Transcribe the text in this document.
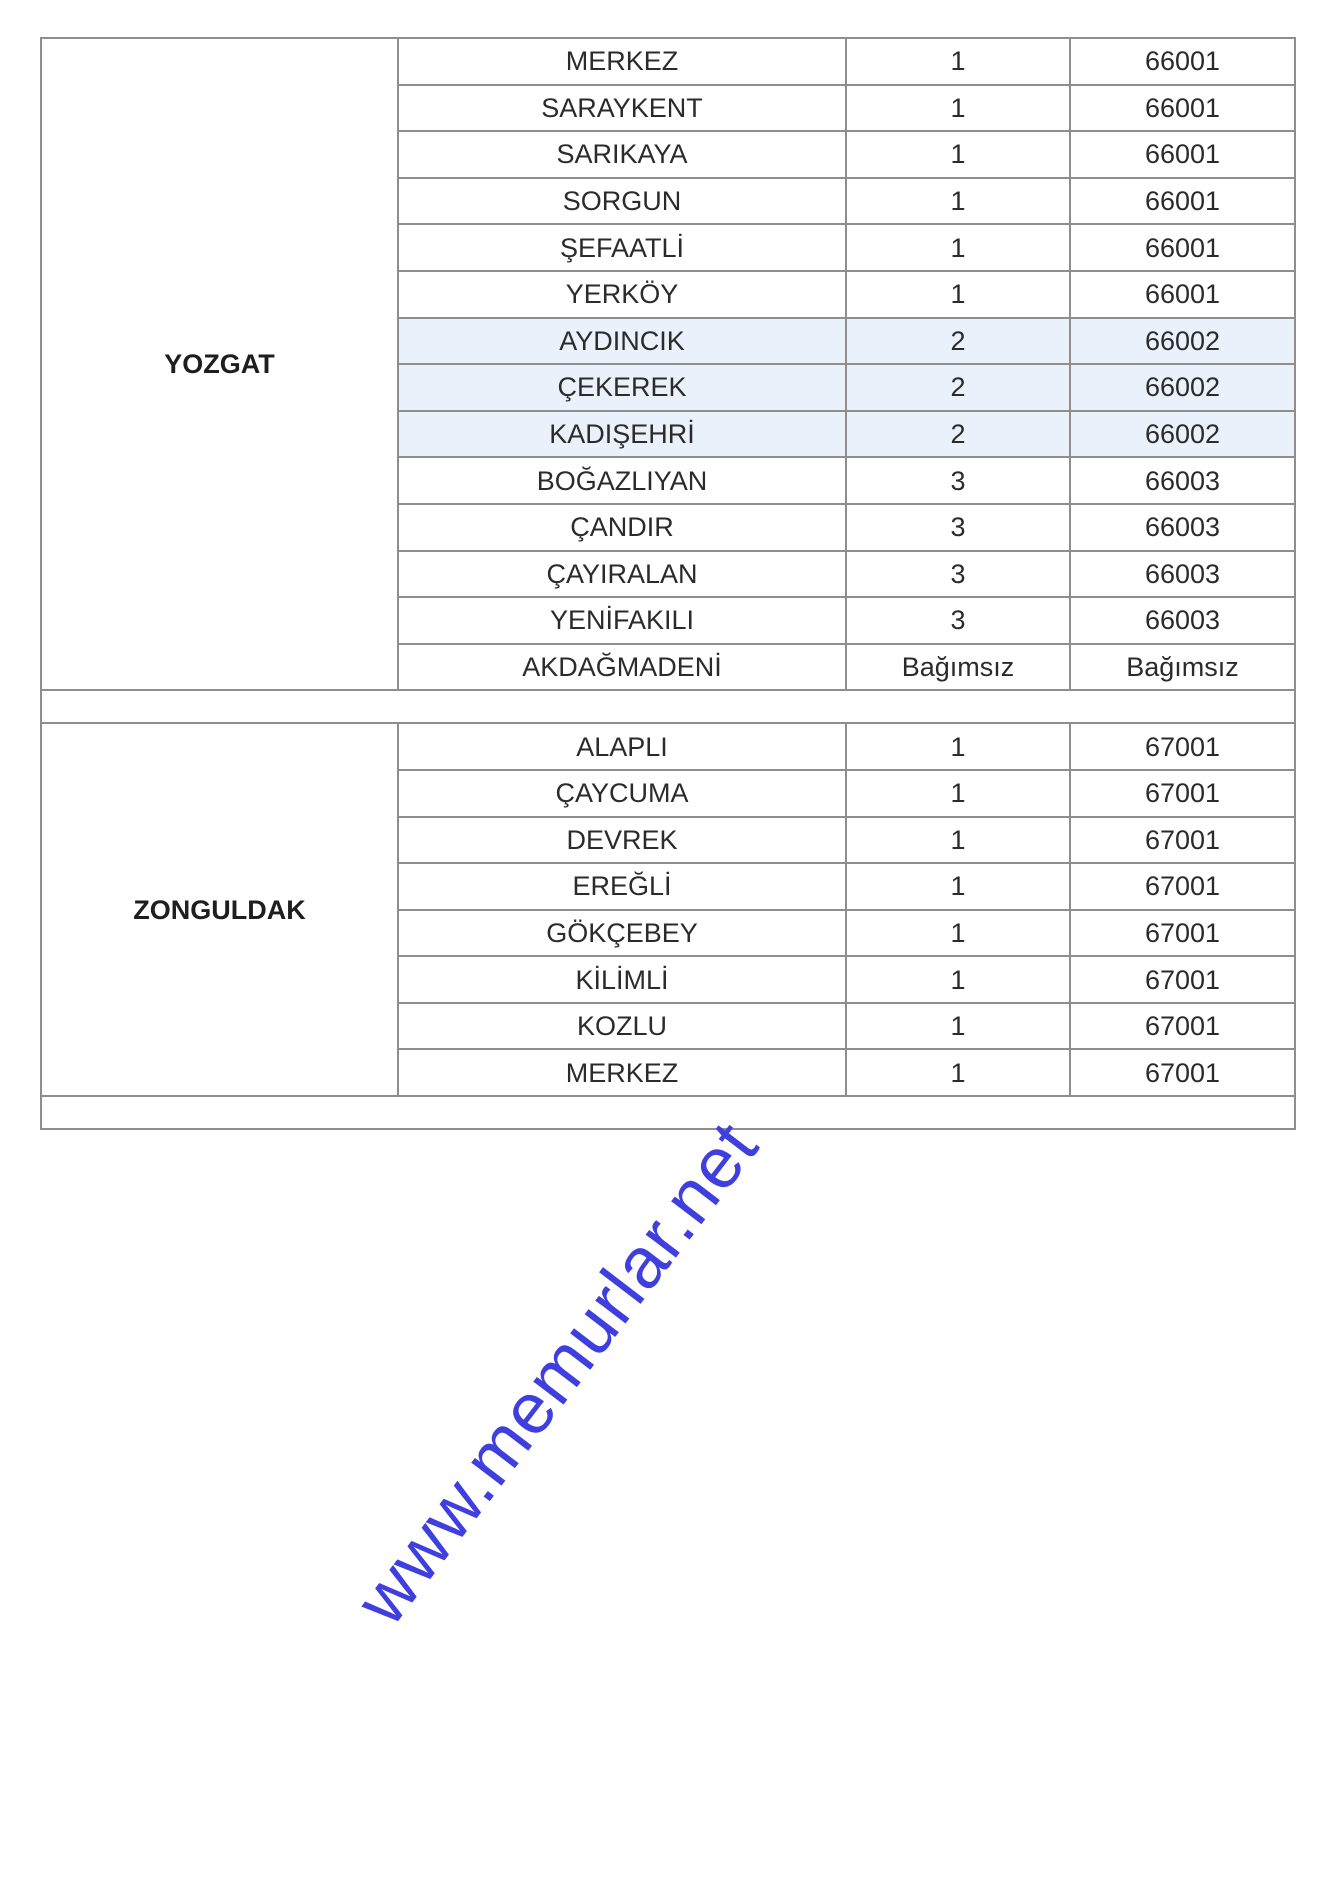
YOZGAT	MERKEZ	1	66001
	SARAYKENT	1	66001
	SARIKAYA	1	66001
	SORGUN	1	66001
	ŞEFAATLİ	1	66001
	YERKÖY	1	66001
	AYDINCIK	2	66002
	ÇEKEREK	2	66002
	KADIŞEHRİ	2	66002
	BOĞAZLIYAN	3	66003
	ÇANDIR	3	66003
	ÇAYIRALAN	3	66003
	YENİFAKILI	3	66003
	AKDAĞMADENİ	Bağımsız	Bağımsız

ZONGULDAK	ALAPLI	1	67001
	ÇAYCUMA	1	67001
	DEVREK	1	67001
	EREĞLİ	1	67001
	GÖKÇEBEY	1	67001
	KİLİMLİ	1	67001
	KOZLU	1	67001
	MERKEZ	1	67001

www.memurlar.net
